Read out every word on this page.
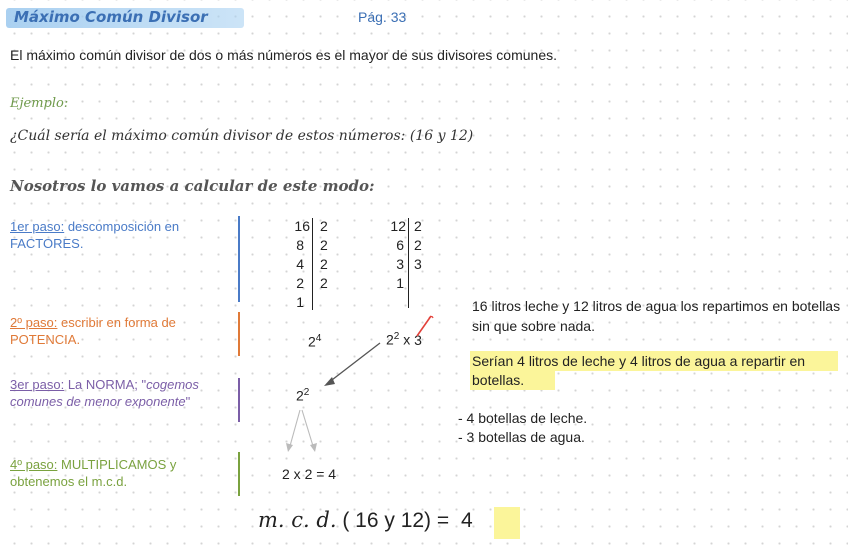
Máximo Común Divisor	Pág. 33
El máximo común divisor de dos o más números es el mayor de sus divisores comunes.
Ejemplo:
¿Cuál sería el máximo común divisor de estos números: (16 y 12)
Nosotros lo vamos a calcular de este modo:
1er paso: descomposición en FACTORES.
2º paso: escribir en forma de POTENCIA.
3er paso: La NORMA; "cogemos comunes de menor exponente"
4º paso: MULTIPLICAMOS y obtenemos el m.c.d.
16
8
4
2
1
2
2
2
2
12
6
3
1
2
2
3
$2^4$	$2^2$ x 3
$2^2$
2 x 2 = 4
16 litros leche y 12 litros de agua los repartimos en botellas sin que sobre nada.
Serían 4 litros de leche y 4 litros de agua a repartir en botellas.
- 4 botellas de leche.
- 3 botellas de agua.
m. c. d. ( 16 y 12) = 4
